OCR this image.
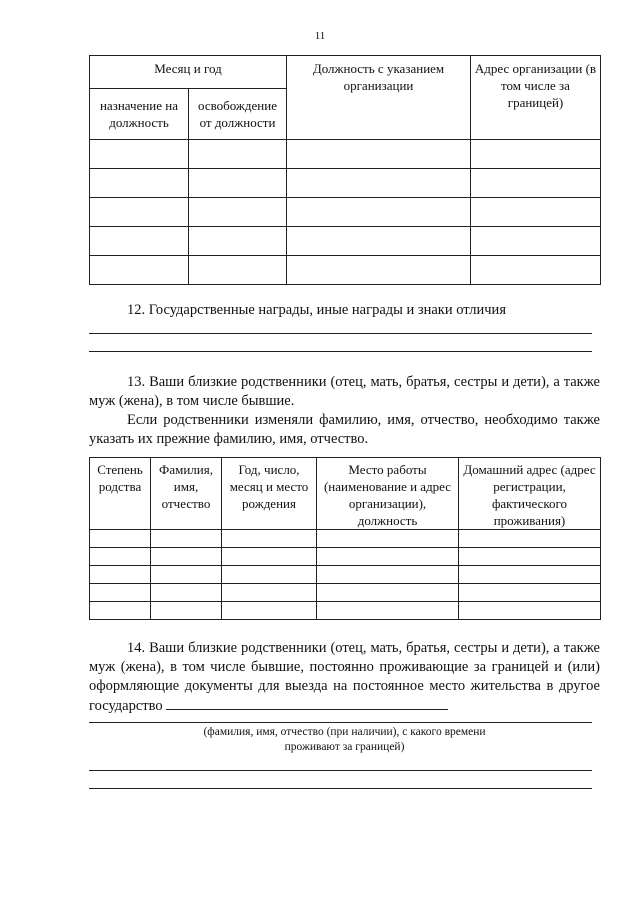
11
Месяц и год		Должность с указанием организации	Адрес организации (в том числе за границей)
назначение на должность	освобождение от должности		

12. Государственные награды, иные награды и знаки отличия
13. Ваши близкие родственники (отец, мать, братья, сестры и дети), а также муж (жена), в том числе бывшие.
Если родственники изменяли фамилию, имя, отчество, необходимо также указать их прежние фамилию, имя, отчество.
Степень родства	Фамилия, имя, отчество	Год, число, месяц и место рождения	Место работы (наименование и адрес организации), должность	Домашний адрес (адрес регистрации, фактического проживания)

14. Ваши близкие родственники (отец, мать, братья, сестры и дети), а также муж (жена), в том числе бывшие, постоянно проживающие за границей и (или) оформляющие документы для выезда на постоянное место жительства в другое государство
(фамилия, имя, отчество (при наличии), с какого времени
проживают за границей)
